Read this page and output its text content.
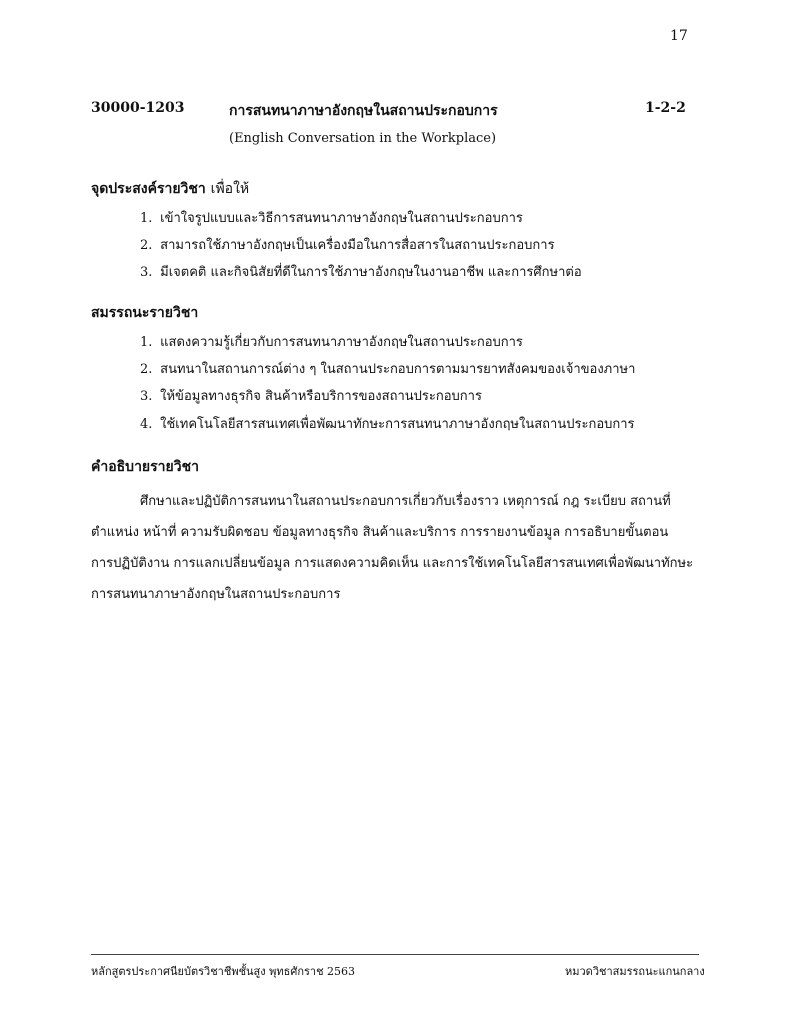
17
30000-1203	การสนทนาภาษาอังกฤษในสถานประกอบการ	1-2-2
(English Conversation in the Workplace)
จุดประสงค์รายวิชา เพื่อให้
1. เข้าใจรูปแบบและวิธีการสนทนาภาษาอังกฤษในสถานประกอบการ
2. สามารถใช้ภาษาอังกฤษเป็นเครื่องมือในการสื่อสารในสถานประกอบการ
3. มีเจตคติ และกิจนิสัยที่ดีในการใช้ภาษาอังกฤษในงานอาชีพ และการศึกษาต่อ
สมรรถนะรายวิชา
1. แสดงความรู้เกี่ยวกับการสนทนาภาษาอังกฤษในสถานประกอบการ
2. สนทนาในสถานการณ์ต่าง ๆ ในสถานประกอบการตามมารยาทสังคมของเจ้าของภาษา
3. ให้ข้อมูลทางธุรกิจ สินค้าหรือบริการของสถานประกอบการ
4. ใช้เทคโนโลยีสารสนเทศเพื่อพัฒนาทักษะการสนทนาภาษาอังกฤษในสถานประกอบการ
คำอธิบายรายวิชา
ศึกษาและปฏิบัติการสนทนาในสถานประกอบการเกี่ยวกับเรื่องราว เหตุการณ์ กฎ ระเบียบ สถานที่
ตำแหน่ง หน้าที่ ความรับผิดชอบ ข้อมูลทางธุรกิจ สินค้าและบริการ การรายงานข้อมูล การอธิบายขั้นตอน
การปฏิบัติงาน การแลกเปลี่ยนข้อมูล การแสดงความคิดเห็น และการใช้เทคโนโลยีสารสนเทศเพื่อพัฒนาทักษะ
การสนทนาภาษาอังกฤษในสถานประกอบการ
หลักสูตรประกาศนียบัตรวิชาชีพชั้นสูง พุทธศักราช 2563	หมวดวิชาสมรรถนะแกนกลาง
